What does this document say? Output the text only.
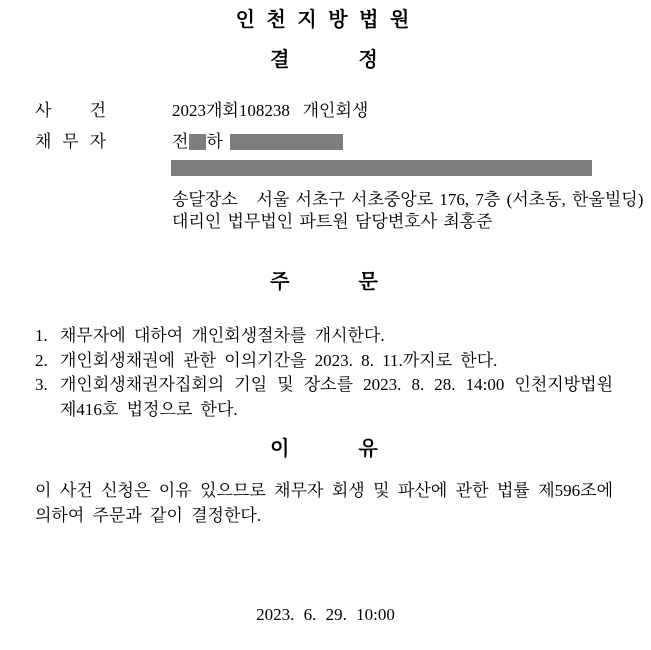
인 천 지 방 법 원
결	정
사 건	2023개회108238   개인회생
채 무 자	전 하
송달장소   서울 서초구 서초중앙로 176, 7층 (서초동, 한울빌딩)
대리인 법무법인 파트원 담당변호사 최홍준
주	문
1. 채무자에 대하여 개인회생절차를 개시한다.
2. 개인회생채권에 관한 이의기간을 2023. 8. 11.까지로 한다.
3. 개인회생채권자집회의 기일 및 장소를 2023. 8. 28. 14:00 인천지방법원 제416호 법정으로 한다.
이	유

이 사건 신청은 이유 있으므로 채무자 회생 및 파산에 관한 법률 제596조에 의하여 주문과 같이 결정한다.

2023. 6. 29. 10:00
